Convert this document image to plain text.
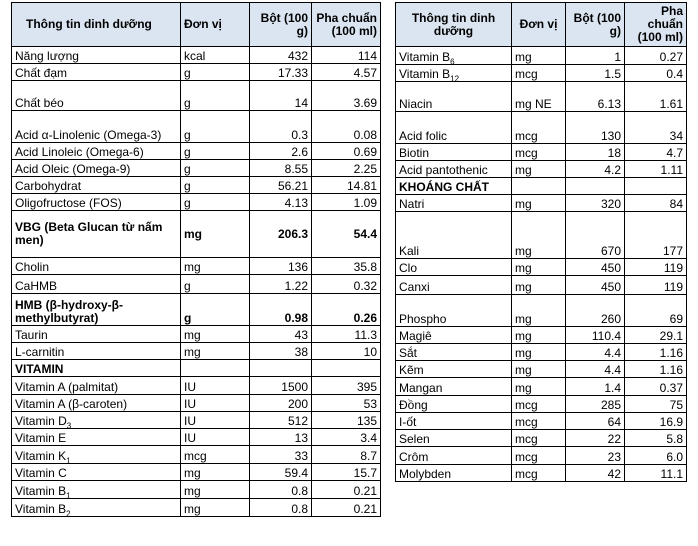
Thông tin dinh dưỡng	Đơn vị	Bột (100 g)	Pha chuẩn (100 ml)
Năng lượng	kcal	432	114
Chất đạm	g	17.33	4.57
Chất béo	g	14	3.69
Acid α-Linolenic (Omega-3)	g	0.3	0.08
Acid Linoleic (Omega-6)	g	2.6	0.69
Acid Oleic (Omega-9)	g	8.55	2.25
Carbohydrat	g	56.21	14.81
Oligofructose (FOS)	g	4.13	1.09
VBG (Beta Glucan từ nấm men)	mg	206.3	54.4
Cholin	mg	136	35.8
CaHMB	g	1.22	0.32
HMB (β-hydroxy-β-methylbutyrat)	g	0.98	0.26
Taurin	mg	43	11.3
L-carnitin	mg	38	10
VITAMIN			
Vitamin A (palmitat)	IU	1500	395
Vitamin A (β-caroten)	IU	200	53
Vitamin $D_3$	IU	512	135
Vitamin E	IU	13	3.4
Vitamin $K_1$	mcg	33	8.7
Vitamin C	mg	59.4	15.7
Vitamin $B_1$	mg	0.8	0.21
Vitamin $B_2$	mg	0.8	0.21
Thông tin dinh dưỡng	Đơn vị	Bột (100 g)	Pha chuẩn (100 ml)
Vitamin $B_6$	mg	1	0.27
Vitamin $B_{12}$	mcg	1.5	0.4
Niacin	mg NE	6.13	1.61
Acid folic	mcg	130	34
Biotin	mcg	18	4.7
Acid pantothenic	mg	4.2	1.11
KHOÁNG CHẤT			
Natri	mg	320	84
Kali	mg	670	177
Clo	mg	450	119
Canxi	mg	450	119
Phospho	mg	260	69
Magiê	mg	110.4	29.1
Sắt	mg	4.4	1.16
Kẽm	mg	4.4	1.16
Mangan	mg	1.4	0.37
Đồng	mcg	285	75
I-ốt	mcg	64	16.9
Selen	mcg	22	5.8
Crôm	mcg	23	6.0
Molybden	mcg	42	11.1
